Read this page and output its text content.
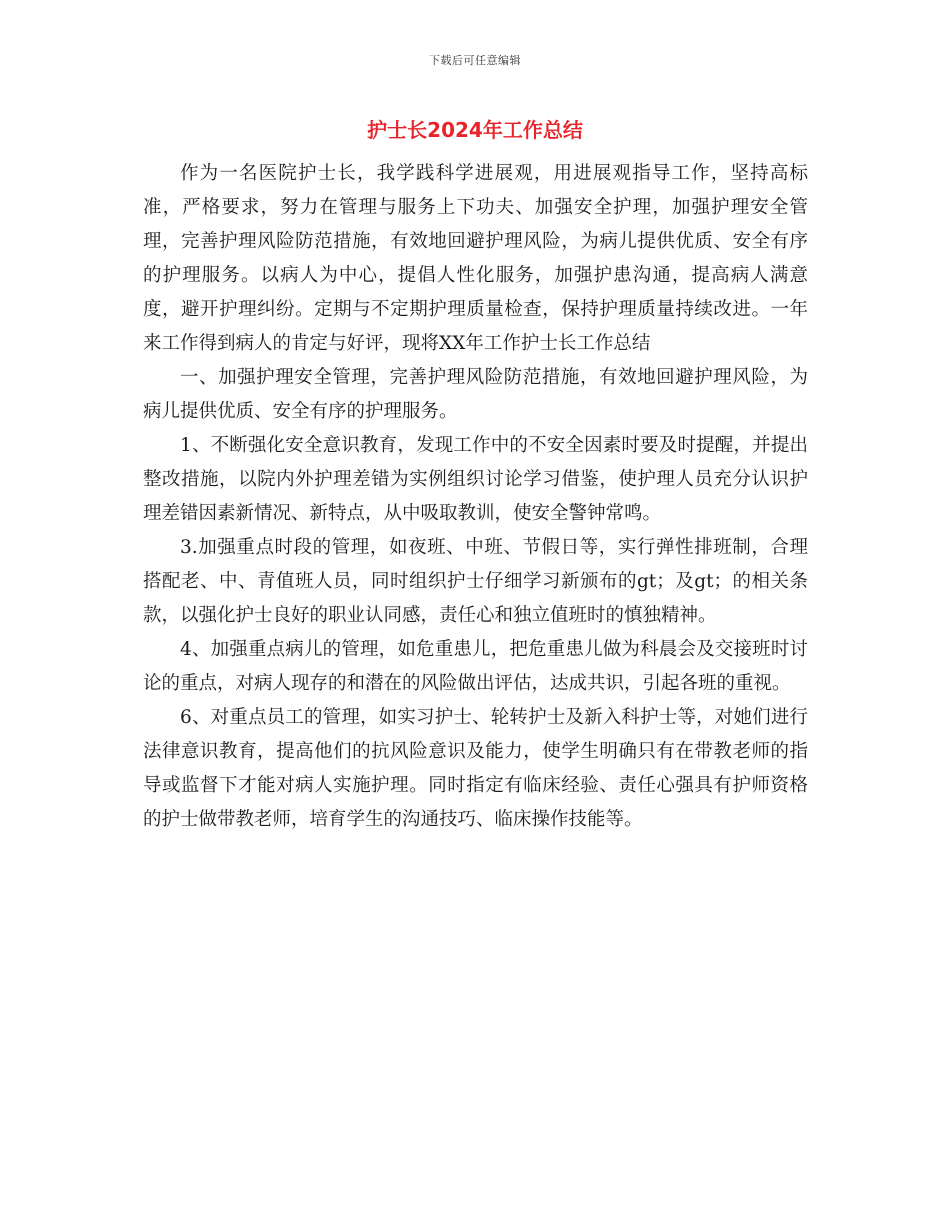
下载后可任意编辑
护士长2024年工作总结

作为一名医院护士长，我学践科学进展观，用进展观指导工作，坚持高标准，严格要求，努力在管理与服务上下功夫、加强安全护理，加强护理安全管理，完善护理风险防范措施，有效地回避护理风险，为病儿提供优质、安全有序的护理服务。以病人为中心，提倡人性化服务，加强护患沟通，提高病人满意度，避开护理纠纷。定期与不定期护理质量检查，保持护理质量持续改进。一年来工作得到病人的肯定与好评，现将XX年工作护士长工作总结

一、加强护理安全管理，完善护理风险防范措施，有效地回避护理风险，为病儿提供优质、安全有序的护理服务。

1、不断强化安全意识教育，发现工作中的不安全因素时要及时提醒，并提出整改措施，以院内外护理差错为实例组织讨论学习借鉴，使护理人员充分认识护理差错因素新情况、新特点，从中吸取教训，使安全警钟常鸣。

3.加强重点时段的管理，如夜班、中班、节假日等，实行弹性排班制，合理搭配老、中、青值班人员，同时组织护士仔细学习新颁布的gt；及gt；的相关条款，以强化护士良好的职业认同感，责任心和独立值班时的慎独精神。

4、加强重点病儿的管理，如危重患儿，把危重患儿做为科晨会及交接班时讨论的重点，对病人现存的和潜在的风险做出评估，达成共识，引起各班的重视。

6、对重点员工的管理，如实习护士、轮转护士及新入科护士等，对她们进行法律意识教育，提高他们的抗风险意识及能力，使学生明确只有在带教老师的指导或监督下才能对病人实施护理。同时指定有临床经验、责任心强具有护师资格的护士做带教老师，培育学生的沟通技巧、临床操作技能等。
